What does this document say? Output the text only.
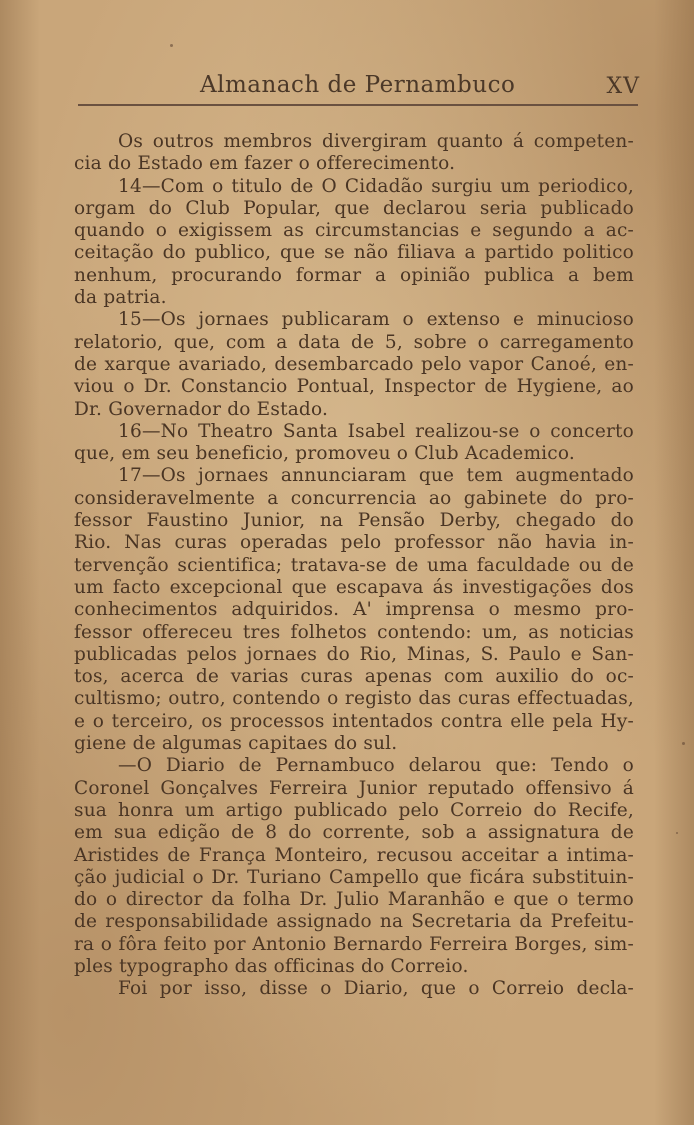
Almanach de Pernambuco	XV
Os outros membros divergiram quanto á competen-
cia do Estado em fazer o offerecimento.
14—Com o titulo de O Cidadão surgiu um periodico,
orgam do Club Popular, que declarou seria publicado
quando o exigissem as circumstancias e segundo a ac-
ceitação do publico, que se não filiava a partido politico
nenhum, procurando formar a opinião publica a bem
da patria.
15—Os jornaes publicaram o extenso e minucioso
relatorio, que, com a data de 5, sobre o carregamento
de xarque avariado, desembarcado pelo vapor Canoé, en-
viou o Dr. Constancio Pontual, Inspector de Hygiene, ao
Dr. Governador do Estado.
16—No Theatro Santa Isabel realizou-se o concerto
que, em seu beneficio, promoveu o Club Academico.
17—Os jornaes annunciaram que tem augmentado
consideravelmente a concurrencia ao gabinete do pro-
fessor Faustino Junior, na Pensão Derby, chegado do
Rio. Nas curas operadas pelo professor não havia in-
tervenção scientifica; tratava-se de uma faculdade ou de
um facto excepcional que escapava ás investigações dos
conhecimentos adquiridos. A' imprensa o mesmo pro-
fessor offereceu tres folhetos contendo: um, as noticias
publicadas pelos jornaes do Rio, Minas, S. Paulo e San-
tos, acerca de varias curas apenas com auxilio do oc-
cultismo; outro, contendo o registo das curas effectuadas,
e o terceiro, os processos intentados contra elle pela Hy-
giene de algumas capitaes do sul.
—O Diario de Pernambuco delarou que: Tendo o
Coronel Gonçalves Ferreira Junior reputado offensivo á
sua honra um artigo publicado pelo Correio do Recife,
em sua edição de 8 do corrente, sob a assignatura de
Aristides de França Monteiro, recusou acceitar a intima-
ção judicial o Dr. Turiano Campello que ficára substituin-
do o director da folha Dr. Julio Maranhão e que o termo
de responsabilidade assignado na Secretaria da Prefeitu-
ra o fôra feito por Antonio Bernardo Ferreira Borges, sim-
ples typographo das officinas do Correio.
Foi por isso, disse o Diario, que o Correio decla-
